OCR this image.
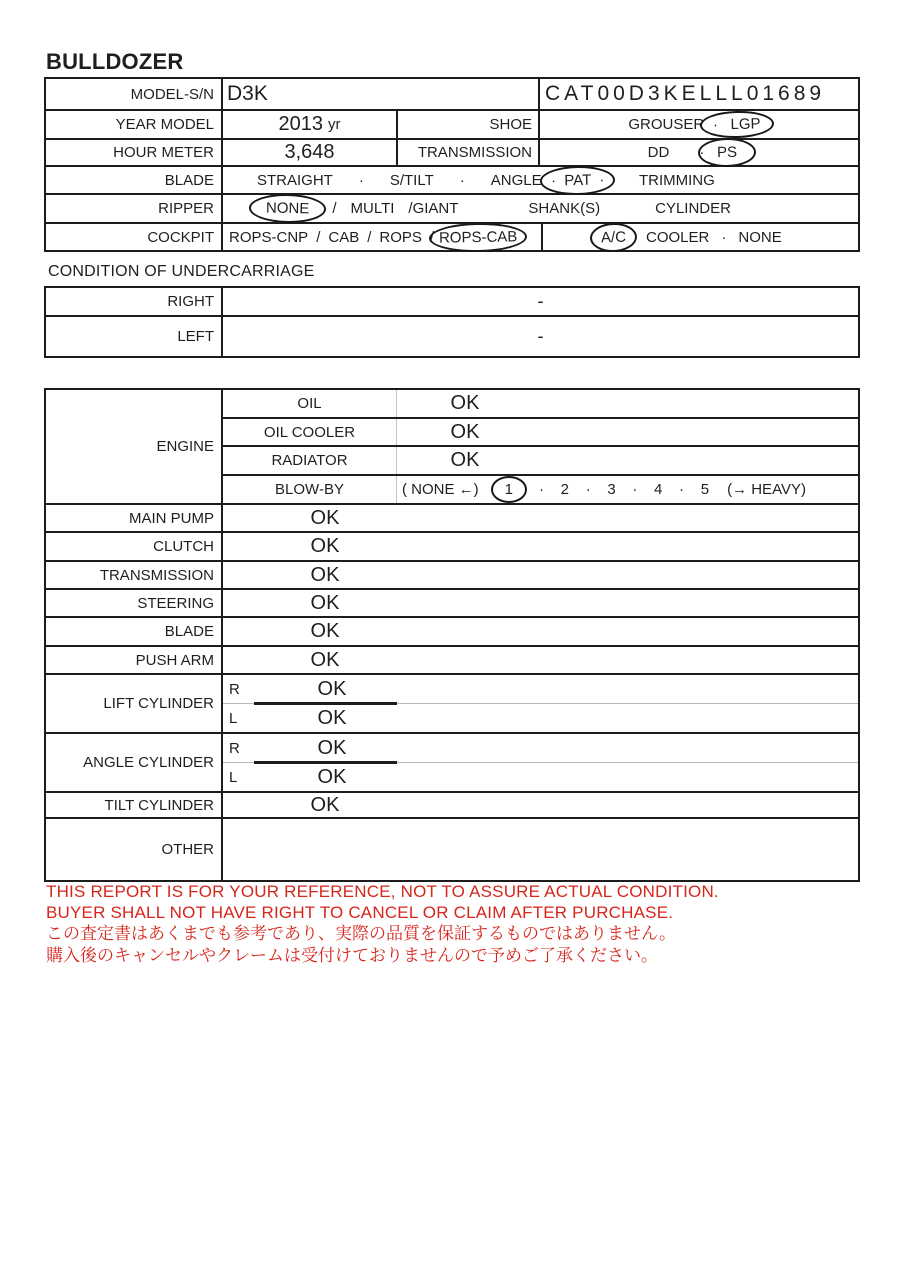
BULLDOZER
MODEL-S/N D3K	CAT00D3KELLL01689
YEAR MODEL	2013 yr	SHOE	GROUSER ·   LGP
HOUR METER	3,648	TRANSMISSION	DD · PS
BLADE	STRAIGHT · S/TILT · ANGLE ·  PAT  ·	TRIMMING
RIPPER	NONE	/ MULTI /GIANT	SHANK(S)	CYLINDER
COCKPIT	ROPS-CNP / CAB / ROPS / ROPS-CAB	A/C	COOLER · NONE
CONDITION OF UNDERCARRIAGE
RIGHT	-
LEFT	-
ENGINE
OIL	OK
OIL COOLER	OK
RADIATOR	OK
BLOW-BY	( NONE ←)	1	·    2    ·    3    ·    4    ·    5 (→ HEAVY)
MAIN PUMP	OK
CLUTCH	OK
TRANSMISSION	OK
STEERING	OK
BLADE	OK
PUSH ARM	OK
LIFT CYLINDER
R	OK
L	OK
ANGLE CYLINDER
R	OK
L	OK
TILT CYLINDER	OK
OTHER
THIS REPORT IS FOR YOUR REFERENCE, NOT TO ASSURE ACTUAL CONDITION.
BUYER SHALL NOT HAVE RIGHT TO CANCEL OR CLAIM AFTER PURCHASE.
この査定書はあくまでも参考であり、実際の品質を保証するものではありません。
購入後のキャンセルやクレームは受付けておりませんので予めご了承ください。
